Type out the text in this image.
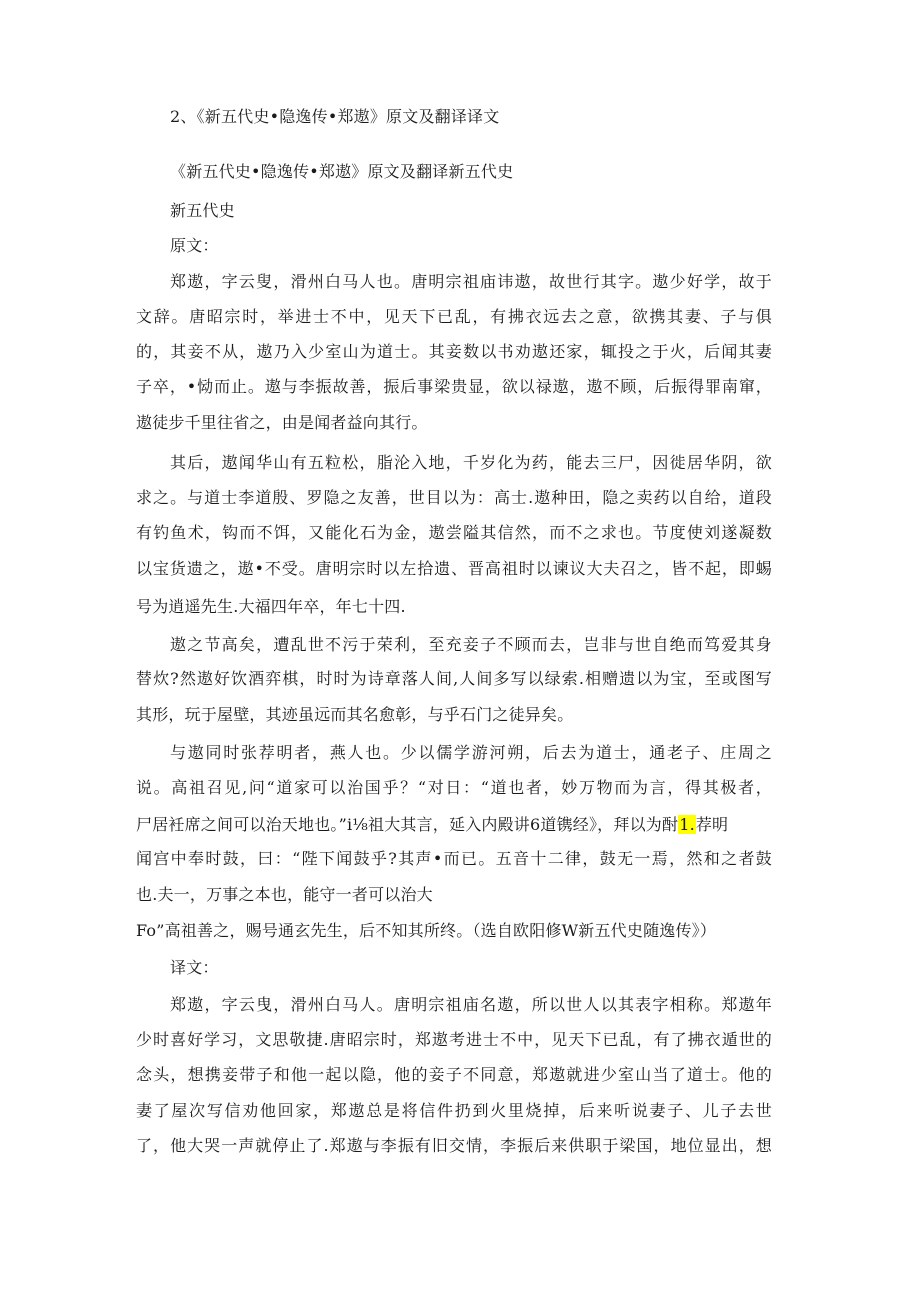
2、《新五代史•隐逸传•郑遨》原文及翻译译文
《新五代史•隐逸传•郑遨》原文及翻译新五代史
新五代史
原文：
郑遨，字云叟，滑州白马人也。唐明宗祖庙讳遨，故世行其字。遨少好学，故于
文辞。唐昭宗时，举进士不中，见天下已乱，有拂衣远去之意，欲携其妻、子与俱
的，其妾不从，遨乃入少室山为道士。其妾数以书劝遨还家，辄投之于火，后闻其妻
子卒，•恸而止。遨与李振故善，振后事梁贵显，欲以禄遨，遨不顾，后振得罪南窜，
遨徒步千里往省之，由是闻者益向其行。
其后，遨闻华山有五粒松，脂沦入地，千岁化为药，能去三尸，因徙居华阴，欲
求之。与道士李道殷、罗隐之友善，世目以为：高士.遨种田，隐之卖药以自给，道段
有钓鱼术，钩而不饵，又能化石为金，遨尝隘其信然，而不之求也。节度使刘遂凝数
以宝货遗之，遨•不受。唐明宗时以左拾遗、晋高祖时以谏议大夫召之，皆不起，即蜴
号为逍遥先生.大福四年卒，年七十四.
遨之节高矣，遭乱世不污于荣利，至充妾子不顾而去，岂非与世自绝而笃爱其身
替炊?然遨好饮酒弈棋，时时为诗章落人间,人间多写以绿索.相赠遗以为宝，至或图写
其形，玩于屋壁，其迹虽远而其名愈彰，与乎石门之徒异矣。
与遨同时张荐明者，燕人也。少以儒学游河朔，后去为道士，通老子、庄周之
说。高祖召见,问“道家可以治国乎？“对日：“道也者，妙万物而为言，得其极者，
尸居衽席之间可以治天地也。”i⅛祖大其言，延入内殿讲6道镌经》，拜以为酎1.荐明
闻宫中奉时鼓，曰：“陛下闻鼓乎?其声•而已。五音十二律，鼓无一焉，然和之者鼓
也.夫一，万事之本也，能守一者可以治大
Fo”高祖善之，赐号通玄先生，后不知其所终。（选自欧阳修W新五代史随逸传》）
译文：
郑遨，字云曳，滑州白马人。唐明宗祖庙名遨，所以世人以其表字相称。郑遨年
少时喜好学习，文思敬捷.唐昭宗时，郑遨考进士不中，见天下已乱，有了拂衣遁世的
念头，想携妾带子和他一起以隐，他的妾子不同意，郑遨就进少室山当了道士。他的
妻了屋次写信劝他回家，郑遨总是将信件扔到火里烧掉，后来听说妻子、儿子去世
了，他大哭一声就停止了.郑遨与李振有旧交情，李振后来供职于梁国，地位显出，想
